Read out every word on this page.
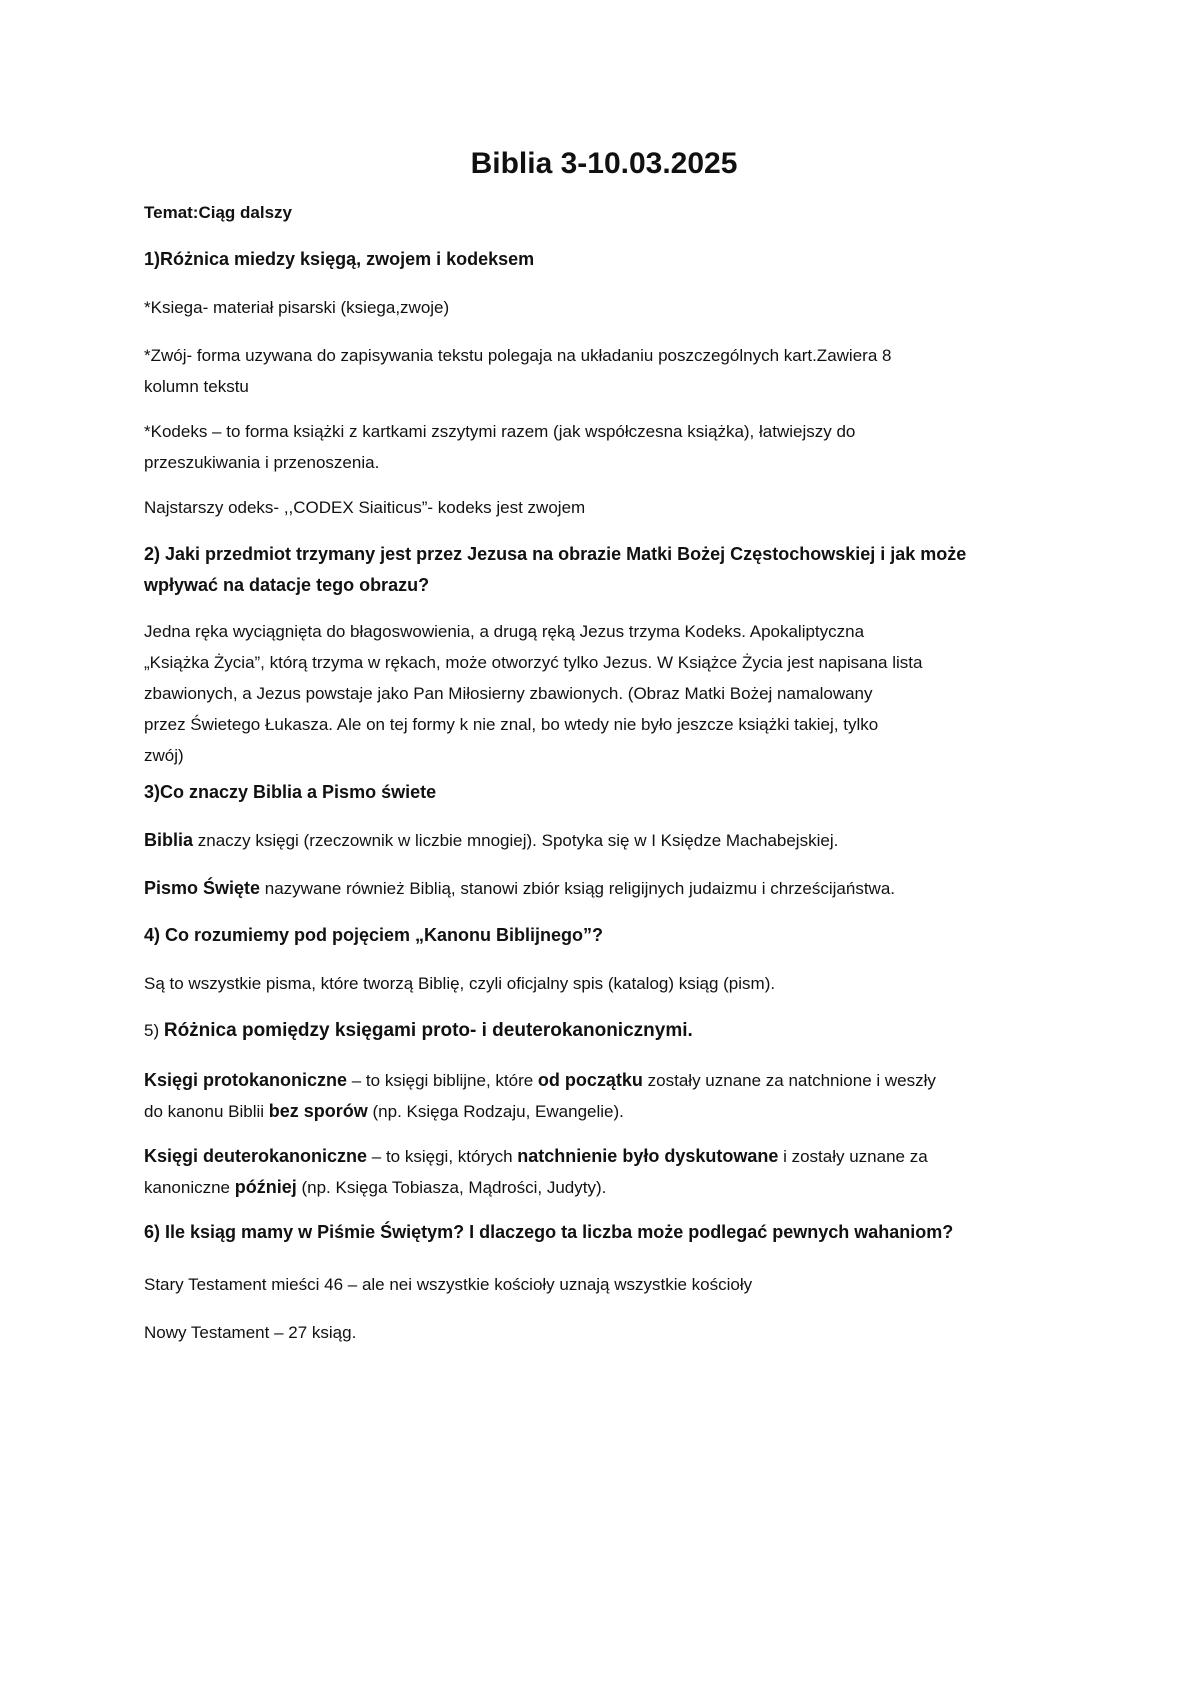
Biblia 3-10.03.2025

Temat:Ciąg dalszy

1)Różnica miedzy księgą, zwojem i kodeksem

*Ksiega- materiał pisarski (ksiega,zwoje)

*Zwój- forma uzywana do zapisywania tekstu polegaja na układaniu poszczególnych kart.Zawiera 8
kolumn tekstu

*Kodeks – to forma książki z kartkami zszytymi razem (jak współczesna książka), łatwiejszy do
przeszukiwania i przenoszenia.

Najstarszy odeks- ,,CODEX Siaiticus”- kodeks jest zwojem

2) Jaki przedmiot trzymany jest przez Jezusa na obrazie Matki Bożej Częstochowskiej i jak może
wpływać na datacje tego obrazu?

Jedna ręka wyciągnięta do błagoswowienia, a drugą ręką Jezus trzyma Kodeks. Apokaliptyczna
„Książka Życia”, którą trzyma w rękach, może otworzyć tylko Jezus. W Książce Życia jest napisana lista
zbawionych, a Jezus powstaje jako Pan Miłosierny zbawionych. (Obraz Matki Bożej namalowany
przez Świetego Łukasza. Ale on tej formy k nie znal, bo wtedy nie było jeszcze książki takiej, tylko
zwój)

3)Co znaczy Biblia a Pismo świete

Biblia znaczy księgi (rzeczownik w liczbie mnogiej). Spotyka się w I Księdze Machabejskiej.

Pismo Święte nazywane również Biblią, stanowi zbiór ksiąg religijnych judaizmu i chrześcijaństwa.

4) Co rozumiemy pod pojęciem „Kanonu Biblijnego”?

Są to wszystkie pisma, które tworzą Biblię, czyli oficjalny spis (katalog) ksiąg (pism).

5) Różnica pomiędzy księgami proto- i deuterokanonicznymi.

Księgi protokanoniczne – to księgi biblijne, które od początku zostały uznane za natchnione i weszły
do kanonu Biblii bez sporów (np. Księga Rodzaju, Ewangelie).

Księgi deuterokanoniczne – to księgi, których natchnienie było dyskutowane i zostały uznane za
kanoniczne później (np. Księga Tobiasza, Mądrości, Judyty).

6) Ile ksiąg mamy w Piśmie Świętym? I dlaczego ta liczba może podlegać pewnych wahaniom?

Stary Testament mieści 46 – ale nei wszystkie kościoły uznają wszystkie kościoły

Nowy Testament – 27 ksiąg.
